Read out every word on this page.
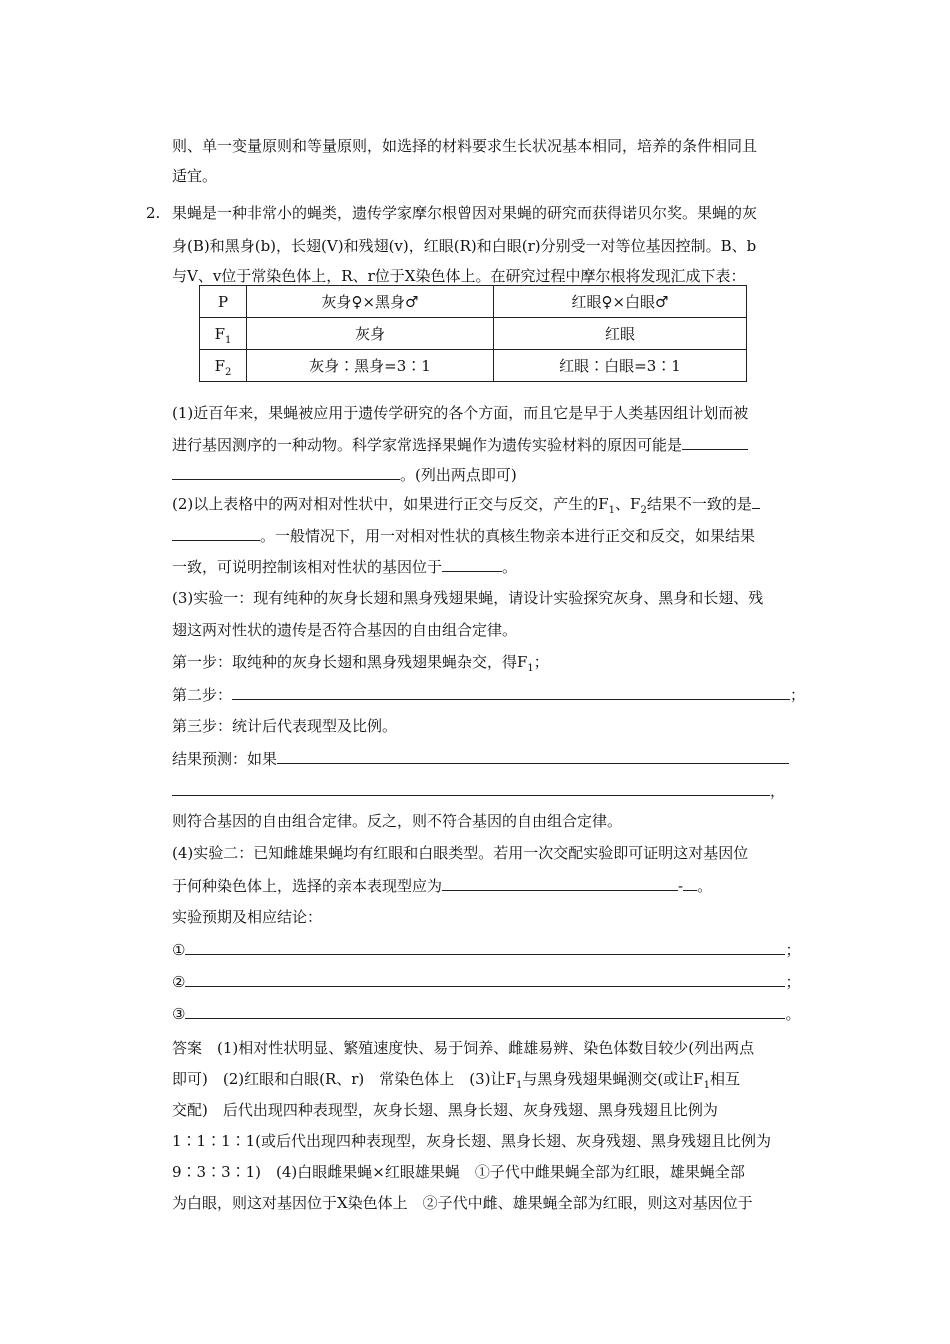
则、单一变量原则和等量原则，如选择的材料要求生长状况基本相同，培养的条件相同且
适宜。
2. 果蝇是一种非常小的蝇类，遗传学家摩尔根曾因对果蝇的研究而获得诺贝尔奖。果蝇的灰
身(B)和黑身(b)，长翅(V)和残翅(v)，红眼(R)和白眼(r)分别受一对等位基因控制。B、b
与V、v位于常染色体上，R、r位于X染色体上。在研究过程中摩尔根将发现汇成下表：
P	灰身♀×黑身♂	红眼♀×白眼♂
$F_1$	灰身	红眼
$F_2$	灰身∶黑身=3∶1	红眼∶白眼=3∶1
(1)近百年来，果蝇被应用于遗传学研究的各个方面，而且它是早于人类基因组计划而被
进行基因测序的一种动物。科学家常选择果蝇作为遗传实验材料的原因可能是
。(列出两点即可)
(2)以上表格中的两对相对性状中，如果进行正交与反交，产生的$F_1$、$F_2$结果不一致的是
。一般情况下，用一对相对性状的真核生物亲本进行正交和反交，如果结果
一致，可说明控制该相对性状的基因位于	。
(3)实验一：现有纯种的灰身长翅和黑身残翅果蝇，请设计实验探究灰身、黑身和长翅、残
翅这两对性状的遗传是否符合基因的自由组合定律。
第一步：取纯种的灰身长翅和黑身残翅果蝇杂交，得$F_1$；
第二步：	；
第三步：统计后代表现型及比例。
结果预测：如果
，
则符合基因的自由组合定律。反之，则不符合基因的自由组合定律。
(4)实验二：已知雌雄果蝇均有红眼和白眼类型。若用一次交配实验即可证明这对基因位
于何种染色体上，选择的亲本表现型应为	- 。
实验预期及相应结论：
①	；
②	；
③	。
答案　(1)相对性状明显、繁殖速度快、易于饲养、雌雄易辨、染色体数目较少(列出两点
即可)　(2)红眼和白眼(R、r)　常染色体上　(3)让$F_1$与黑身残翅果蝇测交(或让$F_1$相互
交配)　后代出现四种表现型，灰身长翅、黑身长翅、灰身残翅、黑身残翅且比例为
1∶1∶1∶1(或后代出现四种表现型，灰身长翅、黑身长翅、灰身残翅、黑身残翅且比例为
9∶3∶3∶1)　(4)白眼雌果蝇×红眼雄果蝇　①子代中雌果蝇全部为红眼，雄果蝇全部
为白眼，则这对基因位于X染色体上　②子代中雌、雄果蝇全部为红眼，则这对基因位于
